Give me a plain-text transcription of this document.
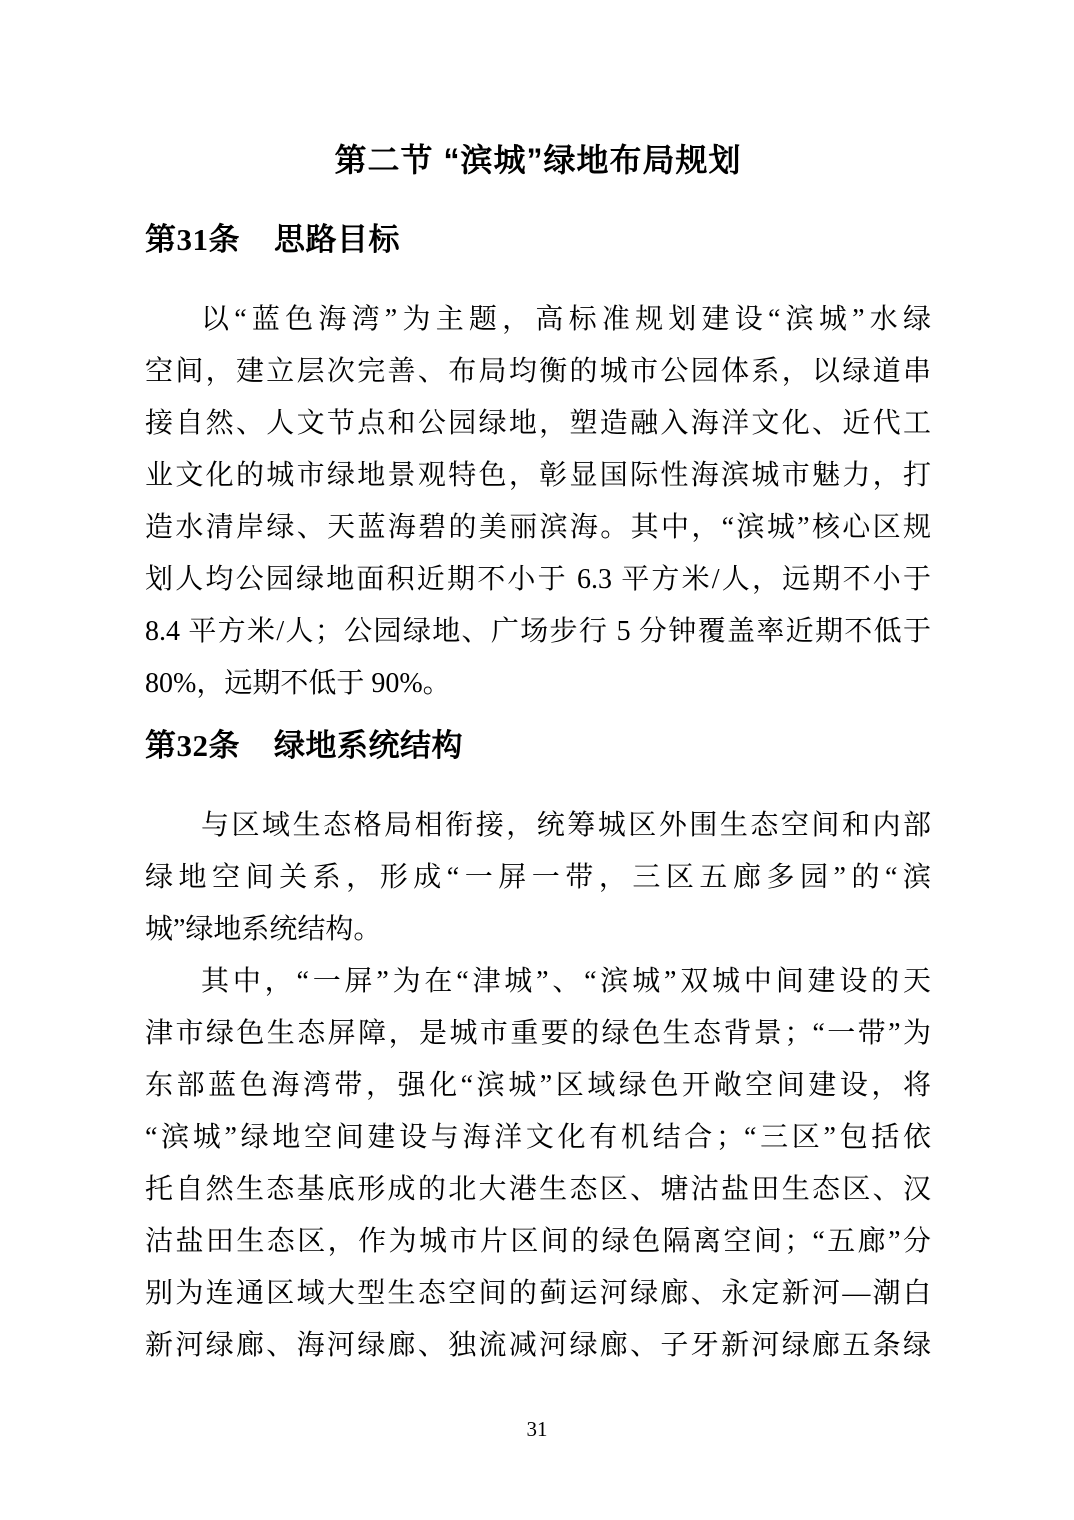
第二节 “滨城”绿地布局规划
第31条 思路目标
以“蓝色海湾”为主题，高标准规划建设“滨城”水绿
空间，建立层次完善、布局均衡的城市公园体系，以绿道串
接自然、人文节点和公园绿地，塑造融入海洋文化、近代工
业文化的城市绿地景观特色，彰显国际性海滨城市魅力，打
造水清岸绿、天蓝海碧的美丽滨海。其中，“滨城”核心区规
划人均公园绿地面积近期不小于 6.3 平方米/人，远期不小于
8.4 平方米/人；公园绿地、广场步行 5 分钟覆盖率近期不低于
80%，远期不低于 90%。
第32条 绿地系统结构
与区域生态格局相衔接，统筹城区外围生态空间和内部
绿地空间关系，形成“一屏一带，三区五廊多园”的“滨
城”绿地系统结构。
其中，“一屏”为在“津城”、“滨城”双城中间建设的天
津市绿色生态屏障，是城市重要的绿色生态背景；“一带”为
东部蓝色海湾带，强化“滨城”区域绿色开敞空间建设，将
“滨城”绿地空间建设与海洋文化有机结合；“三区”包括依
托自然生态基底形成的北大港生态区、塘沽盐田生态区、汉
沽盐田生态区，作为城市片区间的绿色隔离空间；“五廊”分
别为连通区域大型生态空间的蓟运河绿廊、永定新河—潮白
新河绿廊、海河绿廊、独流减河绿廊、子牙新河绿廊五条绿
31
